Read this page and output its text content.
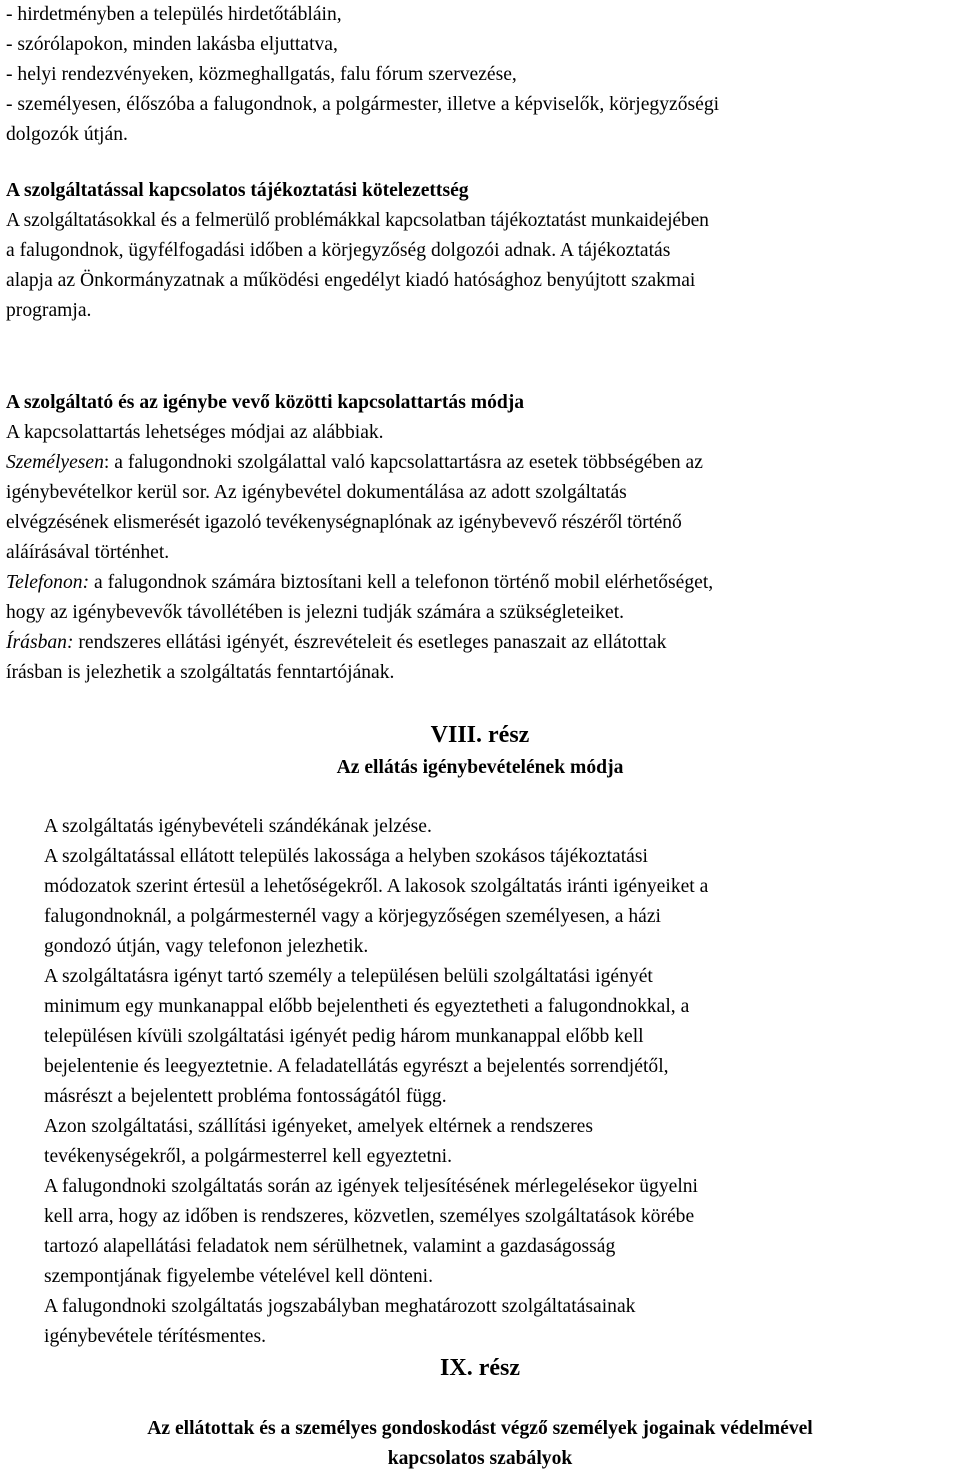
- hirdetményben a település hirdetőtábláin,
- szórólapokon, minden lakásba eljuttatva,
- helyi rendezvényeken, közmeghallgatás, falu fórum szervezése,
- személyesen, élőszóba a falugondnok, a polgármester, illetve a képviselők, körjegyzőségi
dolgozók útján.
A szolgáltatással kapcsolatos tájékoztatási kötelezettség
A szolgáltatásokkal és a felmerülő problémákkal kapcsolatban tájékoztatást munkaidejében
a falugondnok, ügyfélfogadási időben a körjegyzőség dolgozói adnak. A tájékoztatás
alapja az Önkormányzatnak a működési engedélyt kiadó hatósághoz benyújtott szakmai
programja.
A szolgáltató és az igénybe vevő közötti kapcsolattartás módja
A kapcsolattartás lehetséges módjai az alábbiak.
Személyesen: a falugondnoki szolgálattal való kapcsolattartásra az esetek többségében az
igénybevételkor kerül sor. Az igénybevétel dokumentálása az adott szolgáltatás
elvégzésének elismerését igazoló tevékenységnaplónak az igénybevevő részéről történő
aláírásával történhet.
Telefonon: a falugondnok számára biztosítani kell a telefonon történő mobil elérhetőséget,
hogy az igénybevevők távollétében is jelezni tudják számára a szükségleteiket.
Írásban: rendszeres ellátási igényét, észrevételeit és esetleges panaszait az ellátottak
írásban is jelezhetik a szolgáltatás fenntartójának.
VIII. rész
Az ellátás igénybevételének módja
A szolgáltatás igénybevételi szándékának jelzése.
A szolgáltatással ellátott település lakossága a helyben szokásos tájékoztatási
módozatok szerint értesül a lehetőségekről. A lakosok szolgáltatás iránti igényeiket a
falugondnoknál, a polgármesternél vagy a körjegyzőségen személyesen, a házi
gondozó útján, vagy telefonon jelezhetik.
A szolgáltatásra igényt tartó személy a településen belüli szolgáltatási igényét
minimum egy munkanappal előbb bejelentheti és egyeztetheti a falugondnokkal, a
településen kívüli szolgáltatási igényét pedig három munkanappal előbb kell
bejelentenie és leegyeztetnie. A feladatellátás egyrészt a bejelentés sorrendjétől,
másrészt a bejelentett probléma fontosságától függ.
Azon szolgáltatási, szállítási igényeket, amelyek eltérnek a rendszeres
tevékenységekről, a polgármesterrel kell egyeztetni.
A falugondnoki szolgáltatás során az igények teljesítésének mérlegelésekor ügyelni
kell arra, hogy az időben is rendszeres, közvetlen, személyes szolgáltatások körébe
tartozó alapellátási feladatok nem sérülhetnek, valamint a gazdaságosság
szempontjának figyelembe vételével kell dönteni.
A falugondnoki szolgáltatás jogszabályban meghatározott szolgáltatásainak
igénybevétele térítésmentes.
IX. rész
Az ellátottak és a személyes gondoskodást végző személyek jogainak védelmével
kapcsolatos szabályok
